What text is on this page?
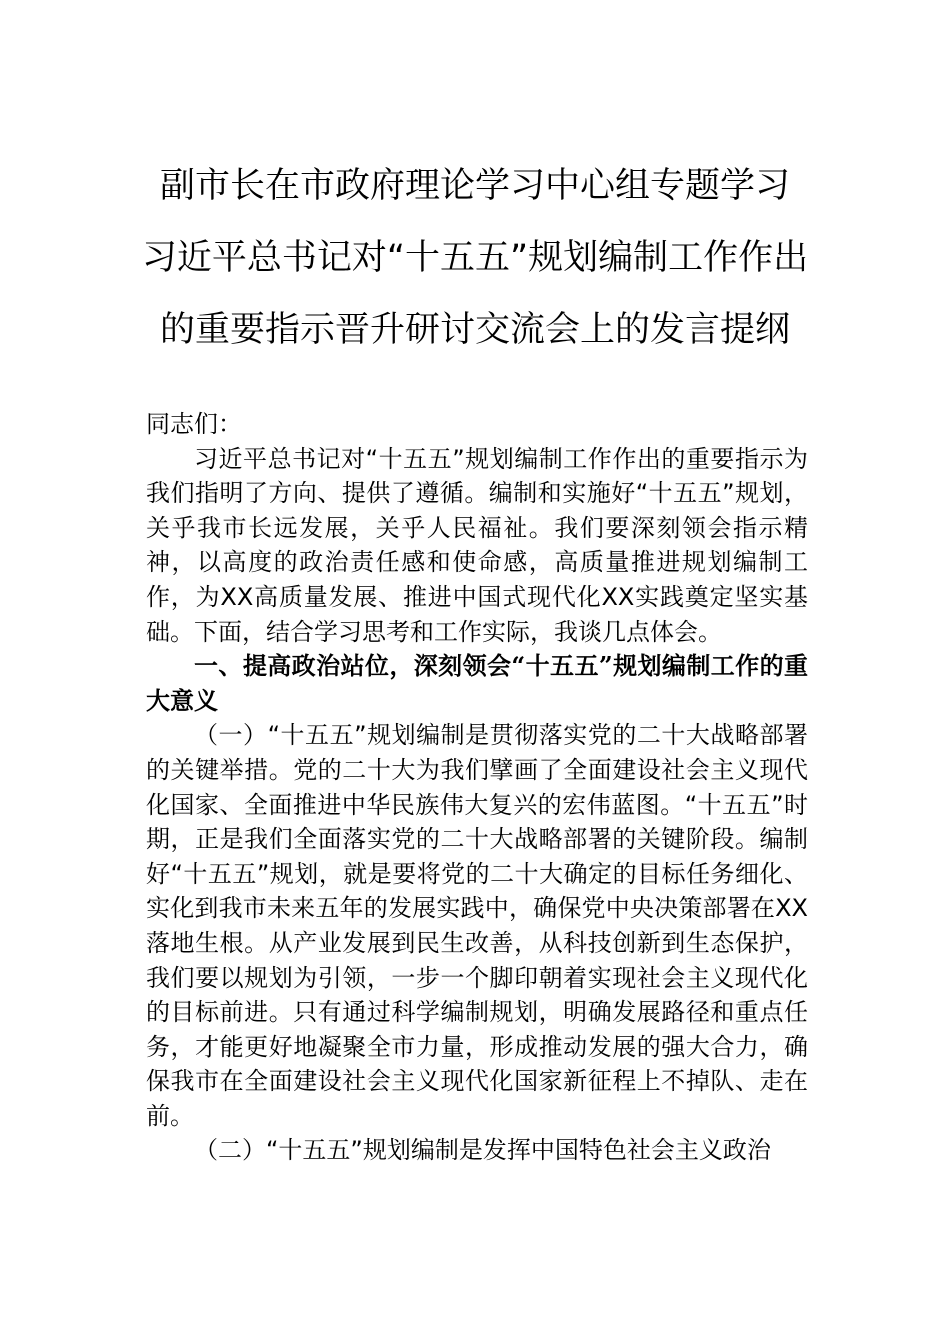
副市长在市政府理论学习中心组专题学习
习近平总书记对“十五五”规划编制工作作出
的重要指示晋升研讨交流会上的发言提纲

同志们：

习近平总书记对“十五五”规划编制工作作出的重要指示为我们指明了方向、提供了遵循。编制和实施好“十五五”规划，关乎我市长远发展，关乎人民福祉。我们要深刻领会指示精神，以高度的政治责任感和使命感，高质量推进规划编制工作，为XX高质量发展、推进中国式现代化XX实践奠定坚实基础。下面，结合学习思考和工作实际，我谈几点体会。

一、提高政治站位，深刻领会“十五五”规划编制工作的重大意义

（一）“十五五”规划编制是贯彻落实党的二十大战略部署的关键举措。党的二十大为我们擘画了全面建设社会主义现代化国家、全面推进中华民族伟大复兴的宏伟蓝图。“十五五”时期，正是我们全面落实党的二十大战略部署的关键阶段。编制好“十五五”规划，就是要将党的二十大确定的目标任务细化、实化到我市未来五年的发展实践中，确保党中央决策部署在XX落地生根。从产业发展到民生改善，从科技创新到生态保护，我们要以规划为引领，一步一个脚印朝着实现社会主义现代化的目标前进。只有通过科学编制规划，明确发展路径和重点任务，才能更好地凝聚全市力量，形成推动发展的强大合力，确保我市在全面建设社会主义现代化国家新征程上不掉队、走在前。

（二）“十五五”规划编制是发挥中国特色社会主义政治
